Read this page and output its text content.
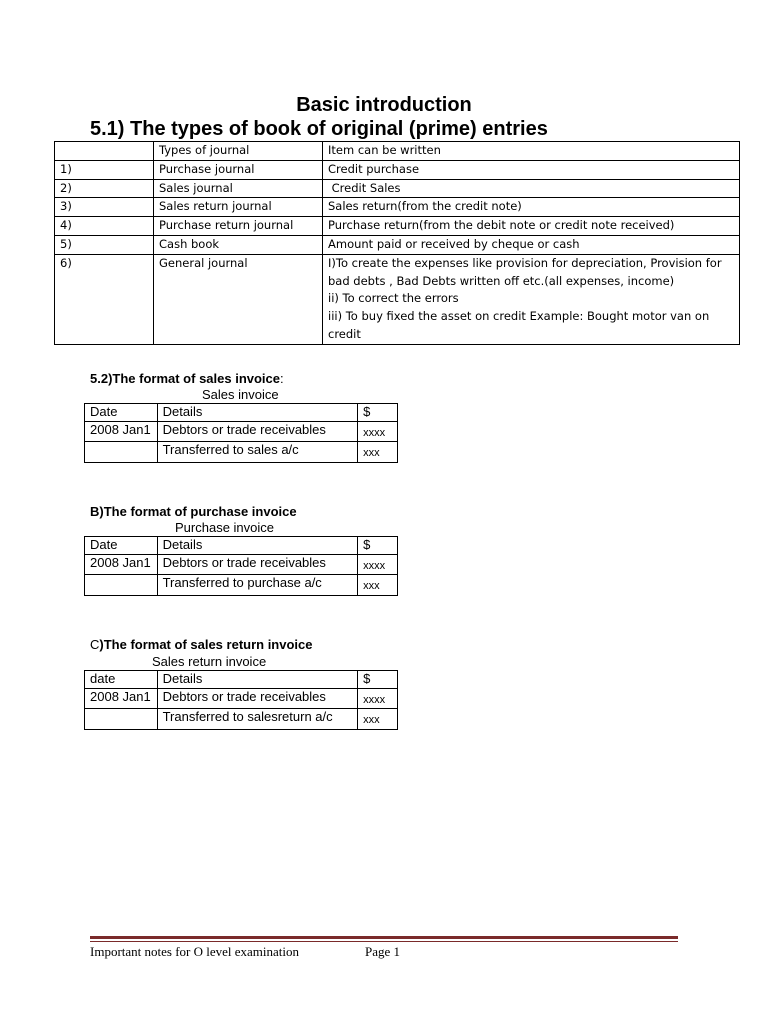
Basic introduction
5.1) The types of book of original (prime) entries
	Types of journal	Item can be written
1)	Purchase journal	Credit purchase
2)	Sales journal	Credit Sales
3)	Sales return journal	Sales return(from the credit note)
4)	Purchase return journal	Purchase return(from the debit note or credit note received)
5)	Cash book	Amount paid or received by cheque or cash
6)	General journal	I)To create the expenses like provision for depreciation, Provision for bad debts , Bad Debts written off etc.(all expenses, income)
ii) To correct the errors
iii) To buy fixed the asset on credit Example: Bought motor van on credit
5.2)The format of sales invoice:
Sales invoice
Date	Details	$
2008 Jan1	Debtors or trade receivables	xxxx
	Transferred to sales a/c	xxx
B)The format of purchase invoice
Purchase invoice
Date	Details	$
2008 Jan1	Debtors or trade receivables	xxxx
	Transferred to purchase a/c	xxx
C)The format of sales return invoice
Sales return invoice
date	Details	$
2008 Jan1	Debtors or trade receivables	xxxx
	Transferred to salesreturn a/c	xxx
Important notes for O level examination	Page 1
